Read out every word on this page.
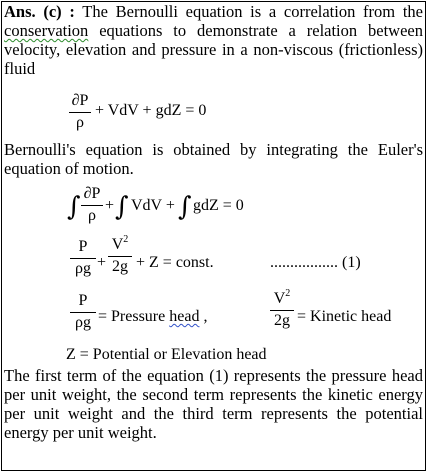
Ans. (c) : The Bernoulli equation is a correlation from the conservation equations to demonstrate a relation between velocity, elevation and pressure in a non-viscous (frictionless) fluid
∂P
ρ
+ VdV + gdZ = 0
Bernoulli's equation is obtained by integrating the Euler's equation of motion.
∫ ∂P
ρ
+ ∫ VdV + ∫ gdZ = 0
P
ρg +
$V^2$
2g + Z = const.	................. (1)
P
ρg = Pressure head ,
$V^2$
2g = Kinetic head
Z = Potential or Elevation head
The first term of the equation (1) represents the pressure head per unit weight, the second term represents the kinetic energy per unit weight and the third term represents the potential energy per unit weight.
